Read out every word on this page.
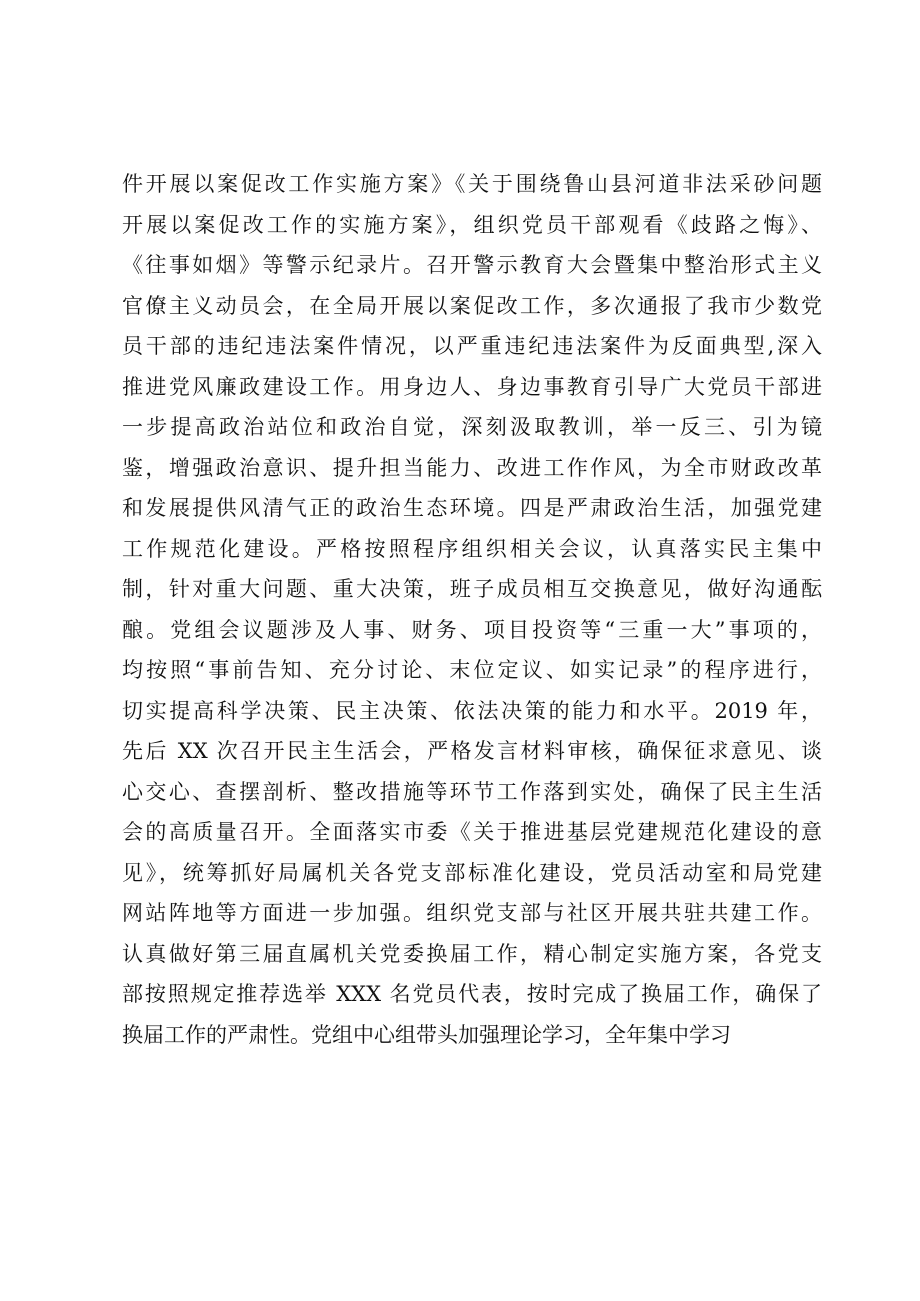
件开展以案促改工作实施方案》《关于围绕鲁山县河道非法采砂问题
开展以案促改工作的实施方案》，组织党员干部观看《歧路之悔》、
《往事如烟》等警示纪录片。召开警示教育大会暨集中整治形式主义
官僚主义动员会，在全局开展以案促改工作，多次通报了我市少数党
员干部的违纪违法案件情况，以严重违纪违法案件为反面典型,深入
推进党风廉政建设工作。用身边人、身边事教育引导广大党员干部进
一步提高政治站位和政治自觉，深刻汲取教训，举一反三、引为镜
鉴，增强政治意识、提升担当能力、改进工作作风，为全市财政改革
和发展提供风清气正的政治生态环境。四是严肃政治生活，加强党建
工作规范化建设。严格按照程序组织相关会议，认真落实民主集中
制，针对重大问题、重大决策，班子成员相互交换意见，做好沟通酝
酿。党组会议题涉及人事、财务、项目投资等“三重一大”事项的，
均按照“事前告知、充分讨论、末位定议、如实记录”的程序进行，
切实提高科学决策、民主决策、依法决策的能力和水平。2019 年，
先后 XX 次召开民主生活会，严格发言材料审核，确保征求意见、谈
心交心、查摆剖析、整改措施等环节工作落到实处，确保了民主生活
会的高质量召开。全面落实市委《关于推进基层党建规范化建设的意
见》，统筹抓好局属机关各党支部标准化建设，党员活动室和局党建
网站阵地等方面进一步加强。组织党支部与社区开展共驻共建工作。
认真做好第三届直属机关党委换届工作，精心制定实施方案，各党支
部按照规定推荐选举 XXX 名党员代表，按时完成了换届工作，确保了
换届工作的严肃性。党组中心组带头加强理论学习，全年集中学习
